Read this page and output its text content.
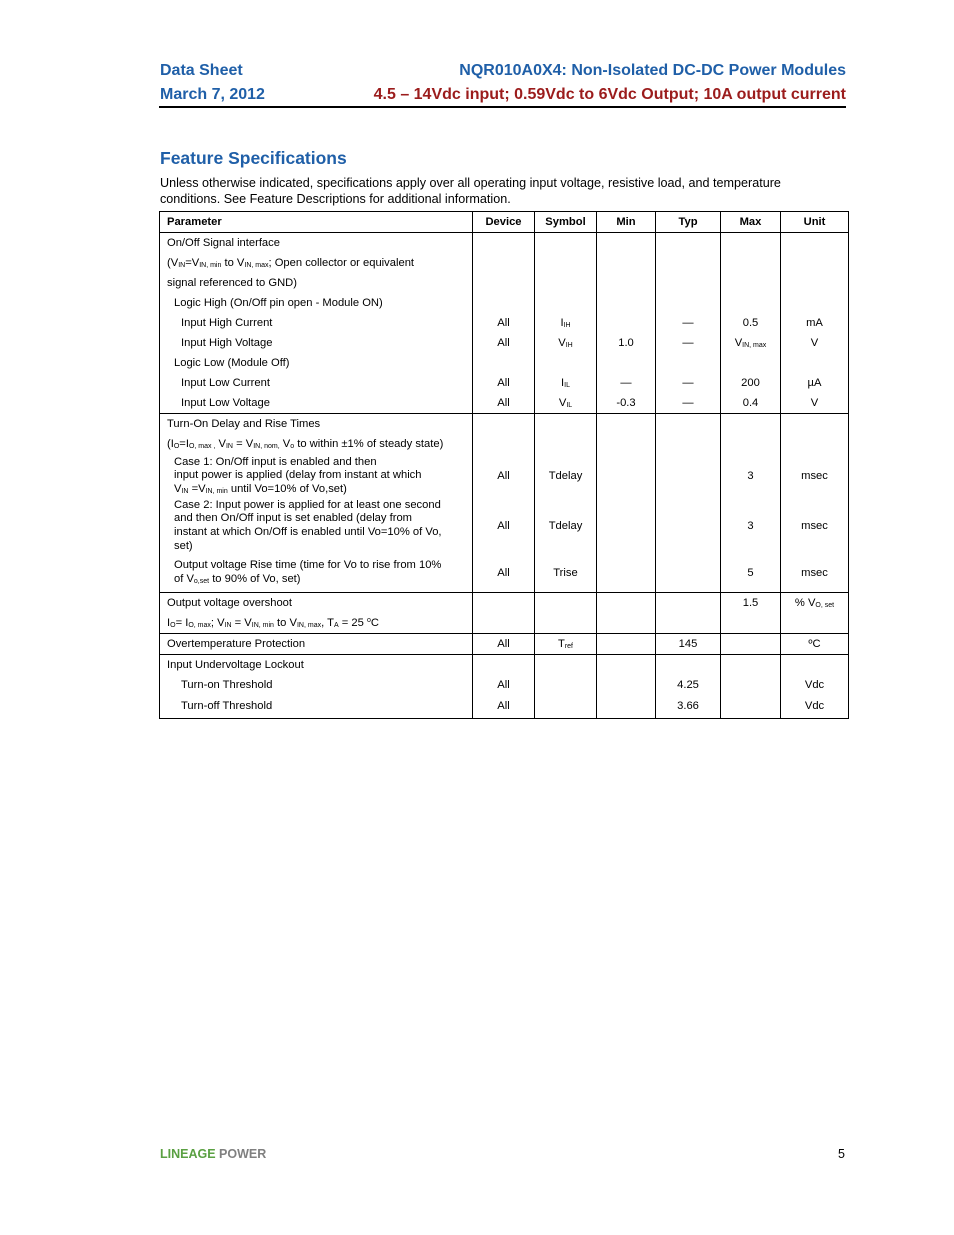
Data Sheet
March 7, 2012
NQR010A0X4: Non-Isolated DC-DC Power Modules
4.5 – 14Vdc input; 0.59Vdc to 6Vdc Output; 10A output current
Feature Specifications
Unless otherwise indicated, specifications apply over all operating input voltage, resistive load, and temperature
conditions. See Feature Descriptions for additional information.
Parameter	Device	Symbol	Min	Typ	Max	Unit
On/Off Signal interface						
($V_{IN}=V_{IN, min}$ to $V_{IN, max}$; Open collector or equivalent						
signal referenced to GND)						
Logic High (On/Off pin open - Module ON)						
Input High Current	All	$I_{IH}$		—	0.5	mA
Input High Voltage	All	$V_{IH}$	1.0	—	$V_{IN, max}$	V
Logic Low (Module Off)						
Input Low Current	All	$I_{IL}$	—	—	200	µA
Input Low Voltage	All	$V_{IL}$	-0.3	—	0.4	V
Turn-On Delay and Rise Times						
($I_O=I_{O, max ,}$ $V_{IN} = V_{IN, nom,}$ $V_o$ to within ±1% of steady state)						

Case 1: On/Off input is enabled and then
input power is applied (delay from instant at which
$V_{IN} =V_{IN, min}$ until Vo=10% of Vo,set)	All	Tdelay			3	msec

Case 2: Input power is applied for at least one second
and then On/Off input is set enabled (delay from
instant at which On/Off is enabled until Vo=10% of Vo,
set)	All	Tdelay			3	msec

Output voltage Rise time (time for Vo to rise from 10%
of $V_{o,set}$ to 90% of Vo, set)	All	Trise			5	msec
Output voltage overshoot					1.5	% $V_{O, set}$
$I_O= I_{O, max}$; $V_{IN} = V_{IN, min}$ to $V_{IN, max}$, $T_A = 25$ $^o$C						
Overtemperature Protection	All	$T_{ref}$		145		ºC
Input Undervoltage Lockout						
Turn-on Threshold	All			4.25		Vdc
Turn-off Threshold	All			3.66		Vdc
LINEAGE POWER	5
